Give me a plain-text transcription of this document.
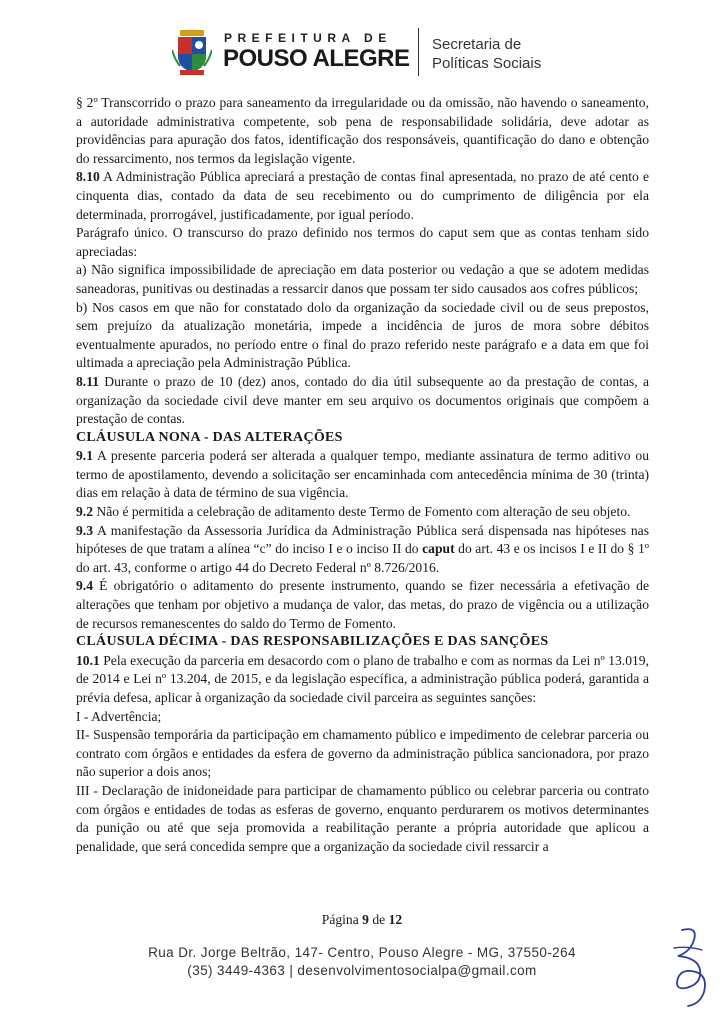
PREFEITURA DE
POUSO ALEGRE
Secretaria de
Políticas Sociais

§ 2º Transcorrido o prazo para saneamento da irregularidade ou da omissão, não havendo o saneamento, a autoridade administrativa competente, sob pena de responsabilidade solidária, deve adotar as providências para apuração dos fatos, identificação dos responsáveis, quantificação do dano e obtenção do ressarcimento, nos termos da legislação vigente.

8.10 A Administração Pública apreciará a prestação de contas final apresentada, no prazo de até cento e cinquenta dias, contado da data de seu recebimento ou do cumprimento de diligência por ela determinada, prorrogável, justificadamente, por igual período.

Parágrafo único. O transcurso do prazo definido nos termos do caput sem que as contas tenham sido apreciadas:

a) Não significa impossibilidade de apreciação em data posterior ou vedação a que se adotem medidas saneadoras, punitivas ou destinadas a ressarcir danos que possam ter sido causados aos cofres públicos;

b) Nos casos em que não for constatado dolo da organização da sociedade civil ou de seus prepostos, sem prejuízo da atualização monetária, impede a incidência de juros de mora sobre débitos eventualmente apurados, no período entre o final do prazo referido neste parágrafo e a data em que foi ultimada a apreciação pela Administração Pública.

8.11 Durante o prazo de 10 (dez) anos, contado do dia útil subsequente ao da prestação de contas, a organização da sociedade civil deve manter em seu arquivo os documentos originais que compõem a prestação de contas.

CLÁUSULA NONA - DAS ALTERAÇÕES

9.1 A presente parceria poderá ser alterada a qualquer tempo, mediante assinatura de termo aditivo ou termo de apostilamento, devendo a solicitação ser encaminhada com antecedência mínima de 30 (trinta) dias em relação à data de término de sua vigência.

9.2 Não é permitida a celebração de aditamento deste Termo de Fomento com alteração de seu objeto.

9.3 A manifestação da Assessoria Jurídica da Administração Pública será dispensada nas hipóteses nas hipóteses de que tratam a alínea “c” do inciso I e o inciso II do caput do art. 43 e os incisos I e II do § 1º do art. 43, conforme o artigo 44 do Decreto Federal nº 8.726/2016.

9.4 É obrigatório o aditamento do presente instrumento, quando se fizer necessária a efetivação de alterações que tenham por objetivo a mudança de valor, das metas, do prazo de vigência ou a utilização de recursos remanescentes do saldo do Termo de Fomento.

CLÁUSULA DÉCIMA - DAS RESPONSABILIZAÇÕES E DAS SANÇÕES

10.1 Pela execução da parceria em desacordo com o plano de trabalho e com as normas da Lei nº 13.019, de 2014 e Lei nº 13.204, de 2015, e da legislação específica, a administração pública poderá, garantida a prévia defesa, aplicar à organização da sociedade civil parceira as seguintes sanções:

I - Advertência;

II- Suspensão temporária da participação em chamamento público e impedimento de celebrar parceria ou contrato com órgãos e entidades da esfera de governo da administração pública sancionadora, por prazo não superior a dois anos;

III - Declaração de inidoneidade para participar de chamamento público ou celebrar parceria ou contrato com órgãos e entidades de todas as esferas de governo, enquanto perdurarem os motivos determinantes da punição ou até que seja promovida a reabilitação perante a própria autoridade que aplicou a penalidade, que será concedida sempre que a organização da sociedade civil ressarcir a

Página 9 de 12
Rua Dr. Jorge Beltrão, 147- Centro, Pouso Alegre - MG, 37550-264
(35) 3449-4363 | desenvolvimentosocialpa@gmail.com
